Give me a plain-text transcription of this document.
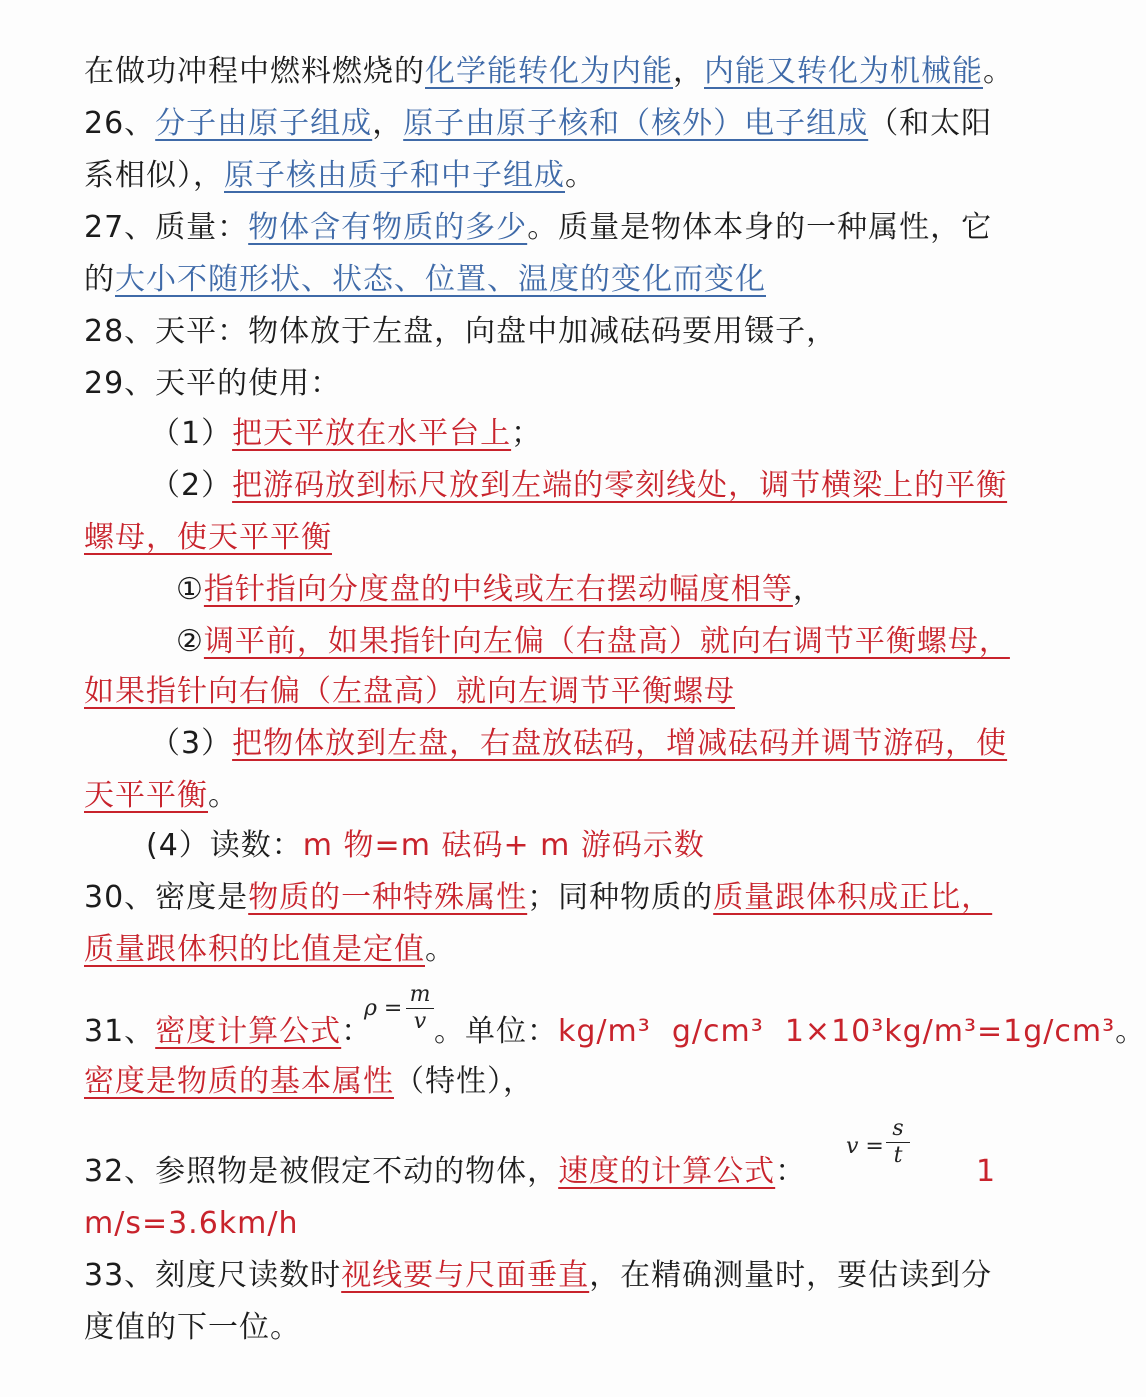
在做功冲程中燃料燃烧的化学能转化为内能，内能又转化为机械能。
26、分子由原子组成，原子由原子核和（核外）电子组成（和太阳
系相似），原子核由质子和中子组成。
27、质量：物体含有物质的多少。质量是物体本身的一种属性，它
的大小不随形状、状态、位置、温度的变化而变化
28、天平：物体放于左盘，向盘中加减砝码要用镊子，
29、天平的使用：
（1）把天平放在水平台上；
（2）把游码放到标尺放到左端的零刻线处，调节横梁上的平衡
螺母，使天平平衡
①指针指向分度盘的中线或左右摆动幅度相等，
②调平前，如果指针向左偏（右盘高）就向右调节平衡螺母，
如果指针向右偏（左盘高）就向左调节平衡螺母
（3）把物体放到左盘，右盘放砝码，增减砝码并调节游码，使
天平平衡。
(4）读数：m 物=m 砝码+ m 游码示数
30、密度是物质的一种特殊属性；同种物质的质量跟体积成正比，
质量跟体积的比值是定值。
31、密度计算公式：
ρ =
m
v 。单位：kg/m³ g/cm³ 1×10³kg/m³=1g/cm³。
密度是物质的基本属性（特性），
32、参照物是被假定不动的物体，速度的计算公式：
v =
s
t 1
m/s=3.6km/h
33、刻度尺读数时视线要与尺面垂直，在精确测量时，要估读到分
度值的下一位。
